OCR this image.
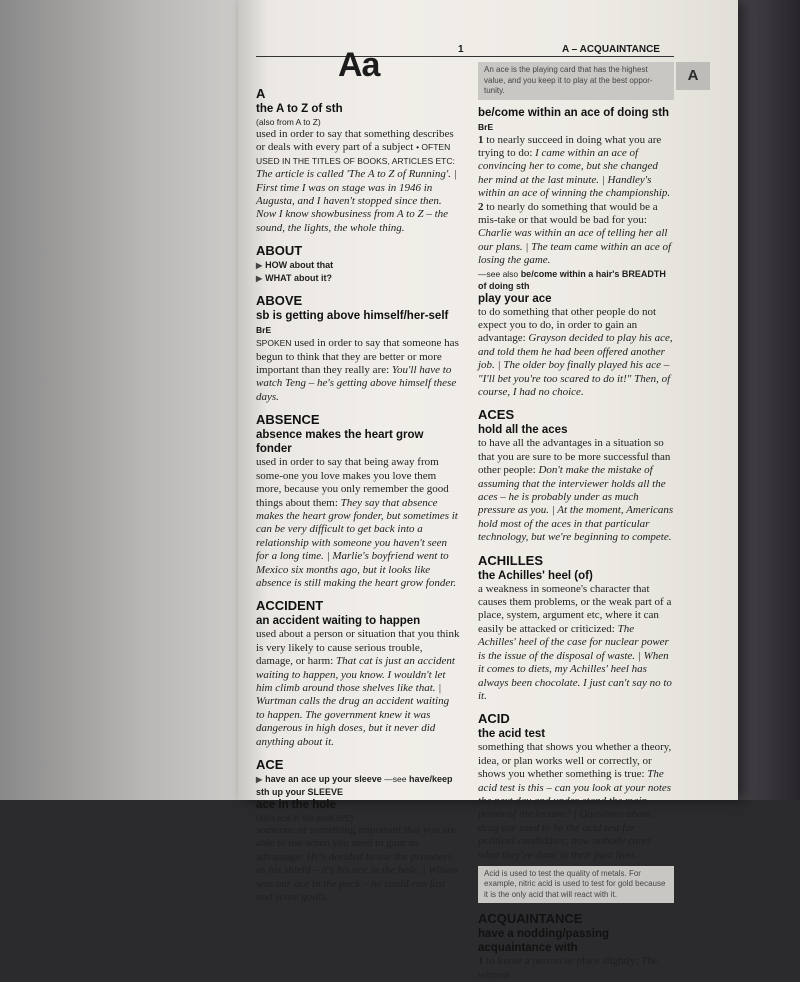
1	A – ACQUAINTANCE
Aa	A
A
the A to Z of sth
(also from A to Z)

used in order to say that something describes or deals with every part of a subject • OFTEN USED IN THE TITLES OF BOOKS, ARTICLES ETC: The article is called 'The A to Z of Running'. | First time I was on stage was in 1946 in Augusta, and I haven't stopped since then. Now I know showbusiness from A to Z – the sound, the lights, the whole thing.

ABOUT
▶ HOW about that
▶ WHAT about it?
ABOVE
sb is getting above himself/her-self BrE

SPOKEN used in order to say that someone has begun to think that they are better or more important than they really are: You'll have to watch Teng – he's getting above himself these days.

ABSENCE
absence makes the heart grow fonder

used in order to say that being away from some-one you love makes you love them more, because you only remember the good things about them: They say that absence makes the heart grow fonder, but sometimes it can be very difficult to get back into a relationship with someone you haven't seen for a long time. | Marlie's boyfriend went to Mexico six months ago, but it looks like absence is still making the heart grow fonder.

ACCIDENT
an accident waiting to happen

used about a person or situation that you think is very likely to cause serious trouble, damage, or harm: That cat is just an accident waiting to happen, you know. I wouldn't let him climb around those shelves like that. | Wurtman calls the drug an accident waiting to happen. The government knew it was dangerous in high doses, but it never did anything about it.

ACE
▶ have an ace up your sleeve —see have/keep sth up your SLEEVE
ace in the hole
(also ace in the pack BrE)

someone or something important that you are able to use when you need to gain an advantage: He's decided to use the prisoners as his shield – it's his ace in the hole. | Wilson was our ace in the pack – he could run fast and score goals.

An ace is the playing card that has the highest value, and you keep it to play at the best oppor-tunity.
be/come within an ace of doing sth BrE

1 to nearly succeed in doing what you are trying to do: I came within an ace of convincing her to come, but she changed her mind at the last minute. | Handley's within an ace of winning the championship.

2 to nearly do something that would be a mis-take or that would be bad for you: Charlie was within an ace of telling her all our plans. | The team came within an ace of losing the game.

—see also be/come within a hair's BREADTH of doing sth
play your ace

to do something that other people do not expect you to do, in order to gain an advantage: Grayson decided to play his ace, and told them he had been offered another job. | The older boy finally played his ace – "I'll bet you're too scared to do it!" Then, of course, I had no choice.

ACES
hold all the aces

to have all the advantages in a situation so that you are sure to be more successful than other people: Don't make the mistake of assuming that the interviewer holds all the aces – he is probably under as much pressure as you. | At the moment, Americans hold most of the aces in that particular technology, but we're beginning to compete.

ACHILLES
the Achilles' heel (of)

a weakness in someone's character that causes them problems, or the weak part of a place, system, argument etc, where it can easily be attacked or criticized: The Achilles' heel of the case for nuclear power is the issue of the disposal of waste. | When it comes to diets, my Achilles' heel has always been chocolate. I just can't say no to it.

ACID
the acid test

something that shows you whether a theory, idea, or plan works well or correctly, or shows you whether something is true: The acid test is this – can you look at your notes the next day and under-stand the main points of the lecture? | Questions about drug use used to be the acid test for political candidates; now nobody cares what they've done in their past lives.

Acid is used to test the quality of metals. For example, nitric acid is used to test for gold because it is the only acid that will react with it.
ACQUAINTANCE
have a nodding/passing acquaintance with

1 to know a person or place slightly: The witness
